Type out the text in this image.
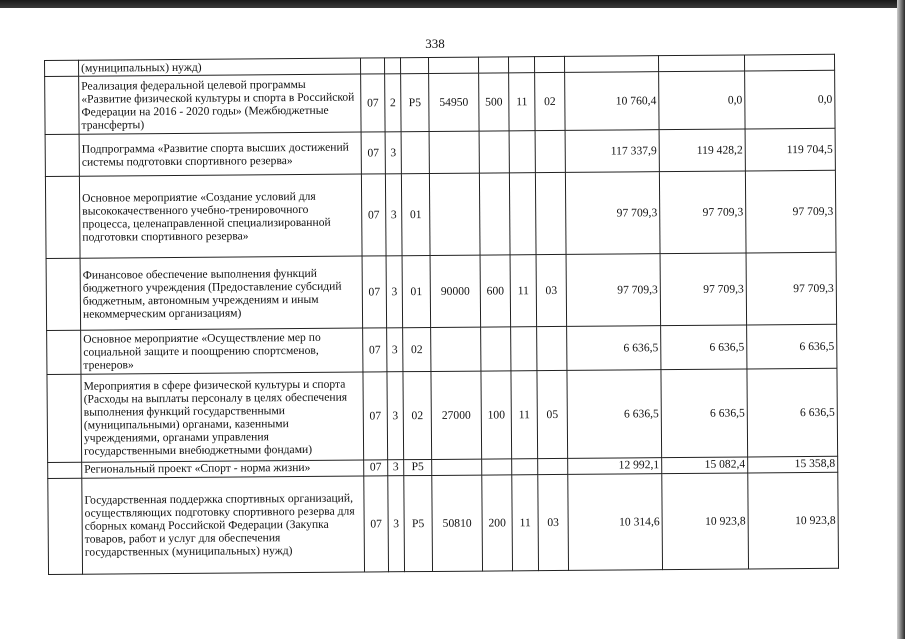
338
	(муниципальных) нужд)										
	Реализация федеральной целевой программы «Развитие физической культуры и спорта в Российской Федерации на 2016 - 2020 годы» (Межбюджетные трансферты)	07	2	Р5	54950	500	11	02	10 760,4	0,0	0,0
	Подпрограмма «Развитие спорта высших достижений системы подготовки спортивного резерва»	07	3						117 337,9	119 428,2	119 704,5
	Основное мероприятие «Создание условий для высококачественного учебно-тренировочного процесса, целенаправленной специализированной подготовки спортивного резерва»	07	3	01					97 709,3	97 709,3	97 709,3
	Финансовое обеспечение выполнения функций бюджетного учреждения (Предоставление субсидий бюджетным, автономным учреждениям и иным некоммерческим организациям)	07	3	01	90000	600	11	03	97 709,3	97 709,3	97 709,3
	Основное мероприятие «Осуществление мер по социальной защите и поощрению спортсменов, тренеров»	07	3	02					6 636,5	6 636,5	6 636,5
	Мероприятия в сфере физической культуры и спорта (Расходы на выплаты персоналу в целях обеспечения выполнения функций государственными (муниципальными) органами, казенными учреждениями, органами управления государственными внебюджетными фондами)	07	3	02	27000	100	11	05	6 636,5	6 636,5	6 636,5
	Региональный проект «Спорт - норма жизни»	07	3	Р5					12 992,1	15 082,4	15 358,8
	Государственная поддержка спортивных организаций, осуществляющих подготовку спортивного резерва для сборных команд Российской Федерации (Закупка товаров, работ и услуг для обеспечения государственных (муниципальных) нужд)	07	3	Р5	50810	200	11	03	10 314,6	10 923,8	10 923,8
